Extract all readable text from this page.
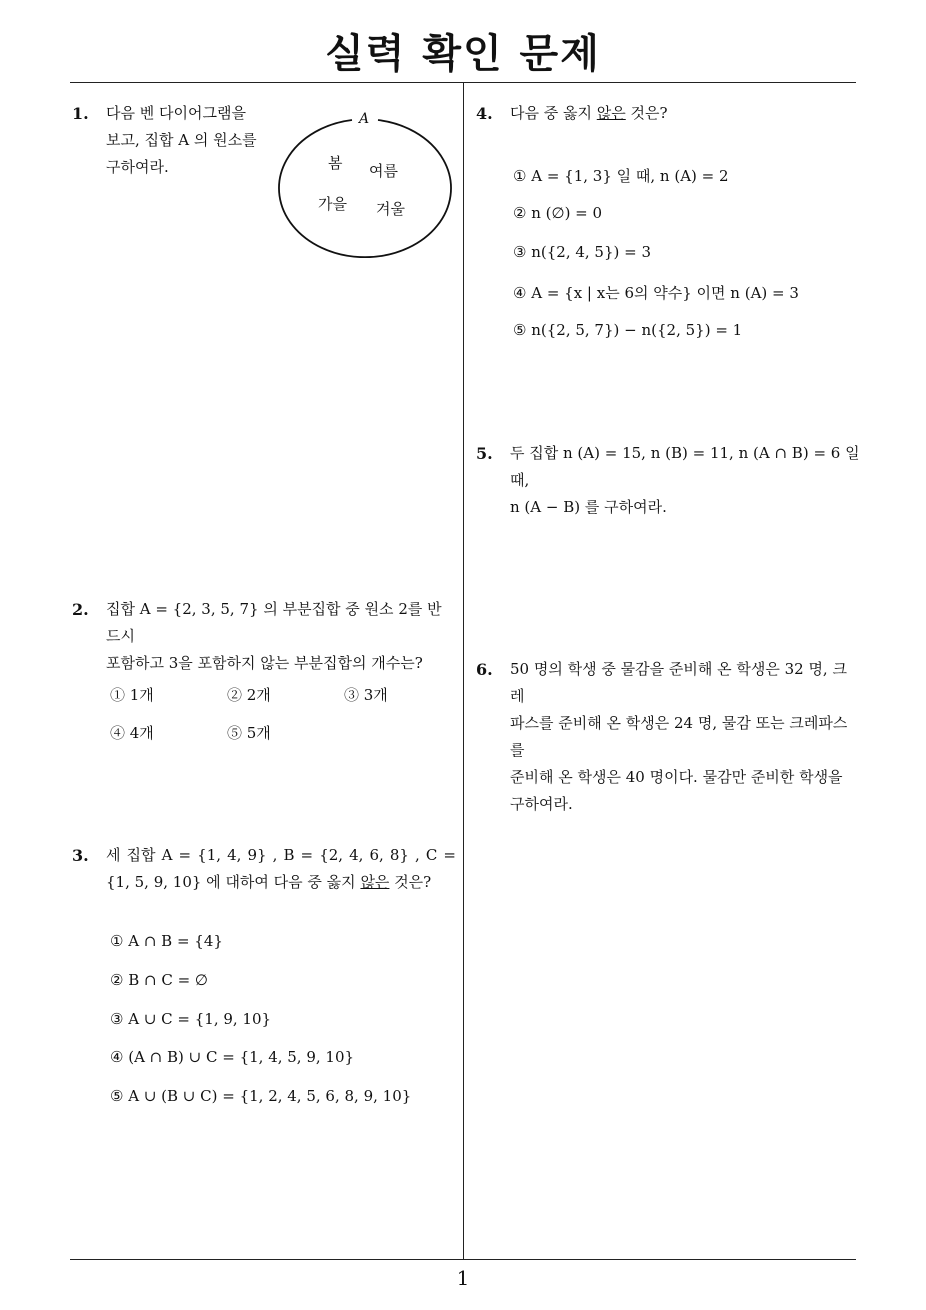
실력 확인 문제
1
1. 다음 벤 다이어그램을
보고, 집합 A 의 원소를
구하여라.
A
봄 여름
가을 겨울
2. 집합 A = {2, 3, 5, 7} 의 부분집합 중 원소 2를 반드시
포함하고 3을 포함하지 않는 부분집합의 개수는?
① 1개	② 2개	③ 3개
④ 4개	⑤ 5개
3. 세 집합 A = {1, 4, 9} , B = {2, 4, 6, 8} , C =
{1, 5, 9, 10} 에 대하여 다음 중 옳지 않은 것은?
① A ∩ B = {4}
② B ∩ C = ∅
③ A ∪ C = {1, 9, 10}
④ (A ∩ B) ∪ C = {1, 4, 5, 9, 10}
⑤ A ∪ (B ∪ C) = {1, 2, 4, 5, 6, 8, 9, 10}
4. 다음 중 옳지 않은 것은?
① A = {1, 3} 일 때, n (A) = 2
② n (∅) = 0
③ n({2, 4, 5}) = 3
④ A = {x | x는 6의 약수} 이면 n (A) = 3
⑤ n({2, 5, 7}) − n({2, 5}) = 1
5. 두 집합 n (A) = 15, n (B) = 11, n (A ∩ B) = 6 일 때,
n (A − B) 를 구하여라.
6. 50 명의 학생 중 물감을 준비해 온 학생은 32 명, 크레
파스를 준비해 온 학생은 24 명, 물감 또는 크레파스를
준비해 온 학생은 40 명이다. 물감만 준비한 학생을
구하여라.
